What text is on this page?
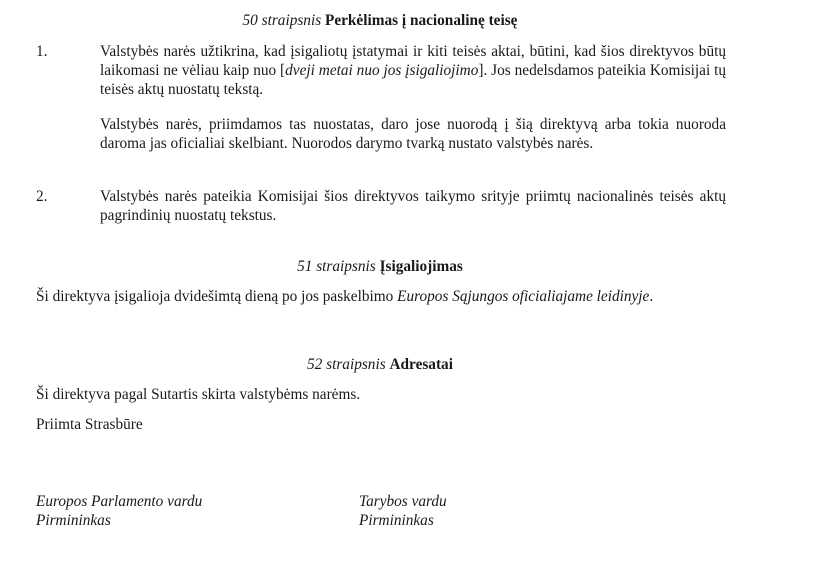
50 straipsnis Perkėlimas į nacionalinę teisę
1.	Valstybės narės užtikrina, kad įsigaliotų įstatymai ir kiti teisės aktai, būtini, kad šios direktyvos būtų laikomasi ne vėliau kaip nuo [dveji metai nuo jos įsigaliojimo]. Jos nedelsdamos pateikia Komisijai tų teisės aktų nuostatų tekstą.
Valstybės narės, priimdamos tas nuostatas, daro jose nuorodą į šią direktyvą arba tokia nuoroda daroma jas oficialiai skelbiant. Nuorodos darymo tvarką nustato valstybės narės.
2.	Valstybės narės pateikia Komisijai šios direktyvos taikymo srityje priimtų nacionalinės teisės aktų pagrindinių nuostatų tekstus.
51 straipsnis Įsigaliojimas
Ši direktyva įsigalioja dvidešimtą dieną po jos paskelbimo Europos Sąjungos oficialiajame leidinyje.
52 straipsnis Adresatai
Ši direktyva pagal Sutartis skirta valstybėms narėms.
Priimta Strasbūre
Europos Parlamento vardu
Pirmininkas
Tarybos vardu
Pirmininkas
